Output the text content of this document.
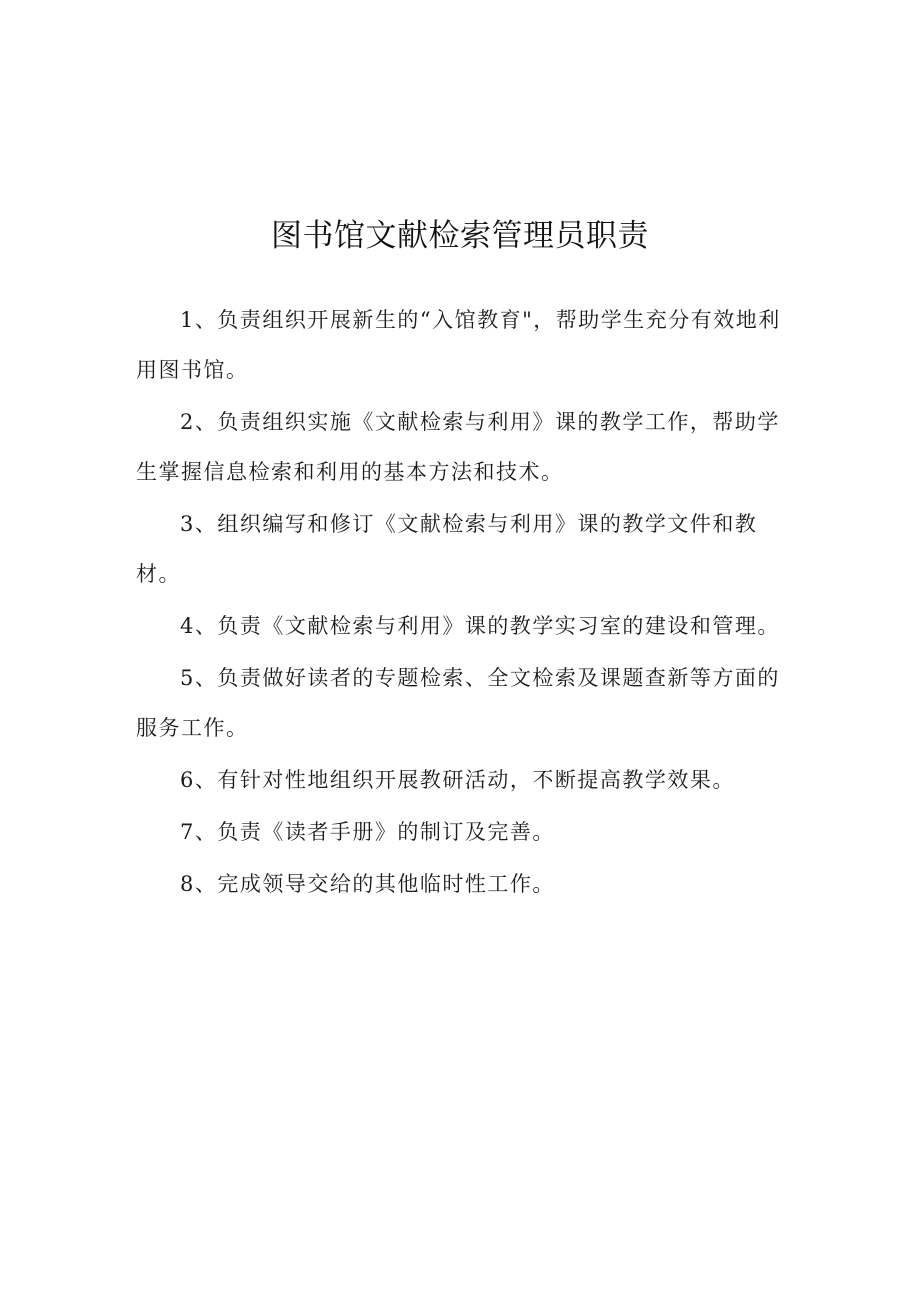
图书馆文献检索管理员职责

1、负责组织开展新生的“入馆教育"，帮助学生充分有效地利用图书馆。

2、负责组织实施《文献检索与利用》课的教学工作，帮助学生掌握信息检索和利用的基本方法和技术。

3、组织编写和修订《文献检索与利用》课的教学文件和教材。

4、负责《文献检索与利用》课的教学实习室的建设和管理。

5、负责做好读者的专题检索、全文检索及课题查新等方面的服务工作。

6、有针对性地组织开展教研活动，不断提高教学效果。

7、负责《读者手册》的制订及完善。

8、完成领导交给的其他临时性工作。
